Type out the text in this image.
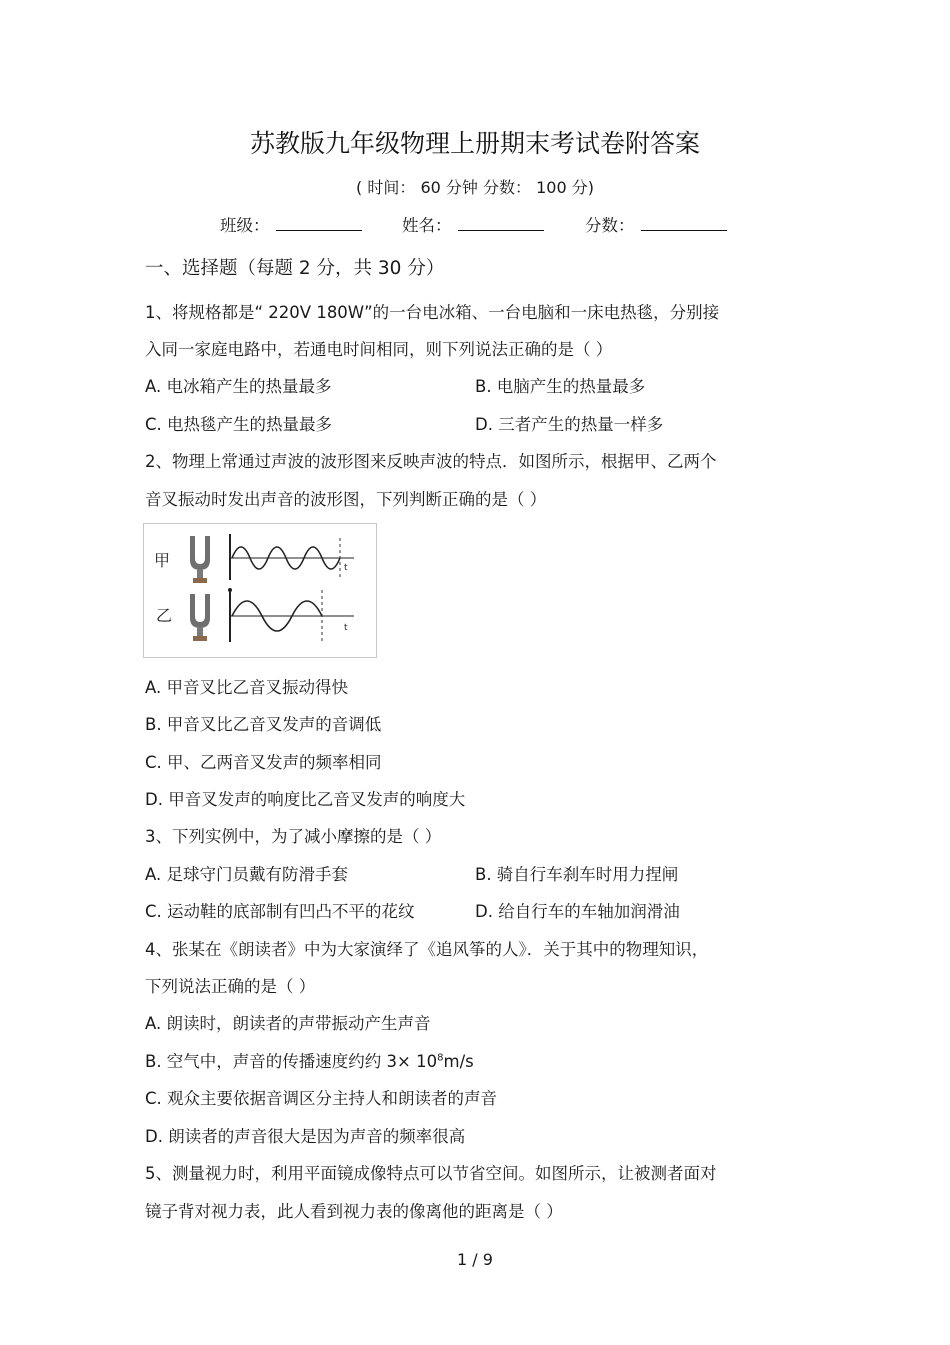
苏教版九年级物理上册期末考试卷附答案
( 时间： 60 分钟 分数： 100 分)
班级：	姓名：	分数：
一、选择题（每题 2 分，共 30 分）
1、将规格都是“ 220V 180W”的一台电冰箱、一台电脑和一床电热毯，分别接
入同一家庭电路中，若通电时间相同，则下列说法正确的是（ ）
A. 电冰箱产生的热量最多	B. 电脑产生的热量最多
C. 电热毯产生的热量最多	D. 三者产生的热量一样多
2、物理上常通过声波的波形图来反映声波的特点．如图所示，根据甲、乙两个
音叉振动时发出声音的波形图，下列判断正确的是（ ）
甲
乙
t
t
A. 甲音叉比乙音叉振动得快
B. 甲音叉比乙音叉发声的音调低
C. 甲、乙两音叉发声的频率相同
D. 甲音叉发声的响度比乙音叉发声的响度大
3、下列实例中，为了减小摩擦的是（ ）
A. 足球守门员戴有防滑手套	B. 骑自行车刹车时用力捏闸
C. 运动鞋的底部制有凹凸不平的花纹	D. 给自行车的车轴加润滑油
4、张某在《朗读者》中为大家演绎了《追风筝的人》．关于其中的物理知识，
下列说法正确的是（ ）
A. 朗读时，朗读者的声带振动产生声音
B. 空气中，声音的传播速度约约 $3\times 10^8m/s$
C. 观众主要依据音调区分主持人和朗读者的声音
D. 朗读者的声音很大是因为声音的频率很高
5、测量视力时，利用平面镜成像特点可以节省空间。如图所示，让被测者面对
镜子背对视力表，此人看到视力表的像离他的距离是（ ）
1 / 9
